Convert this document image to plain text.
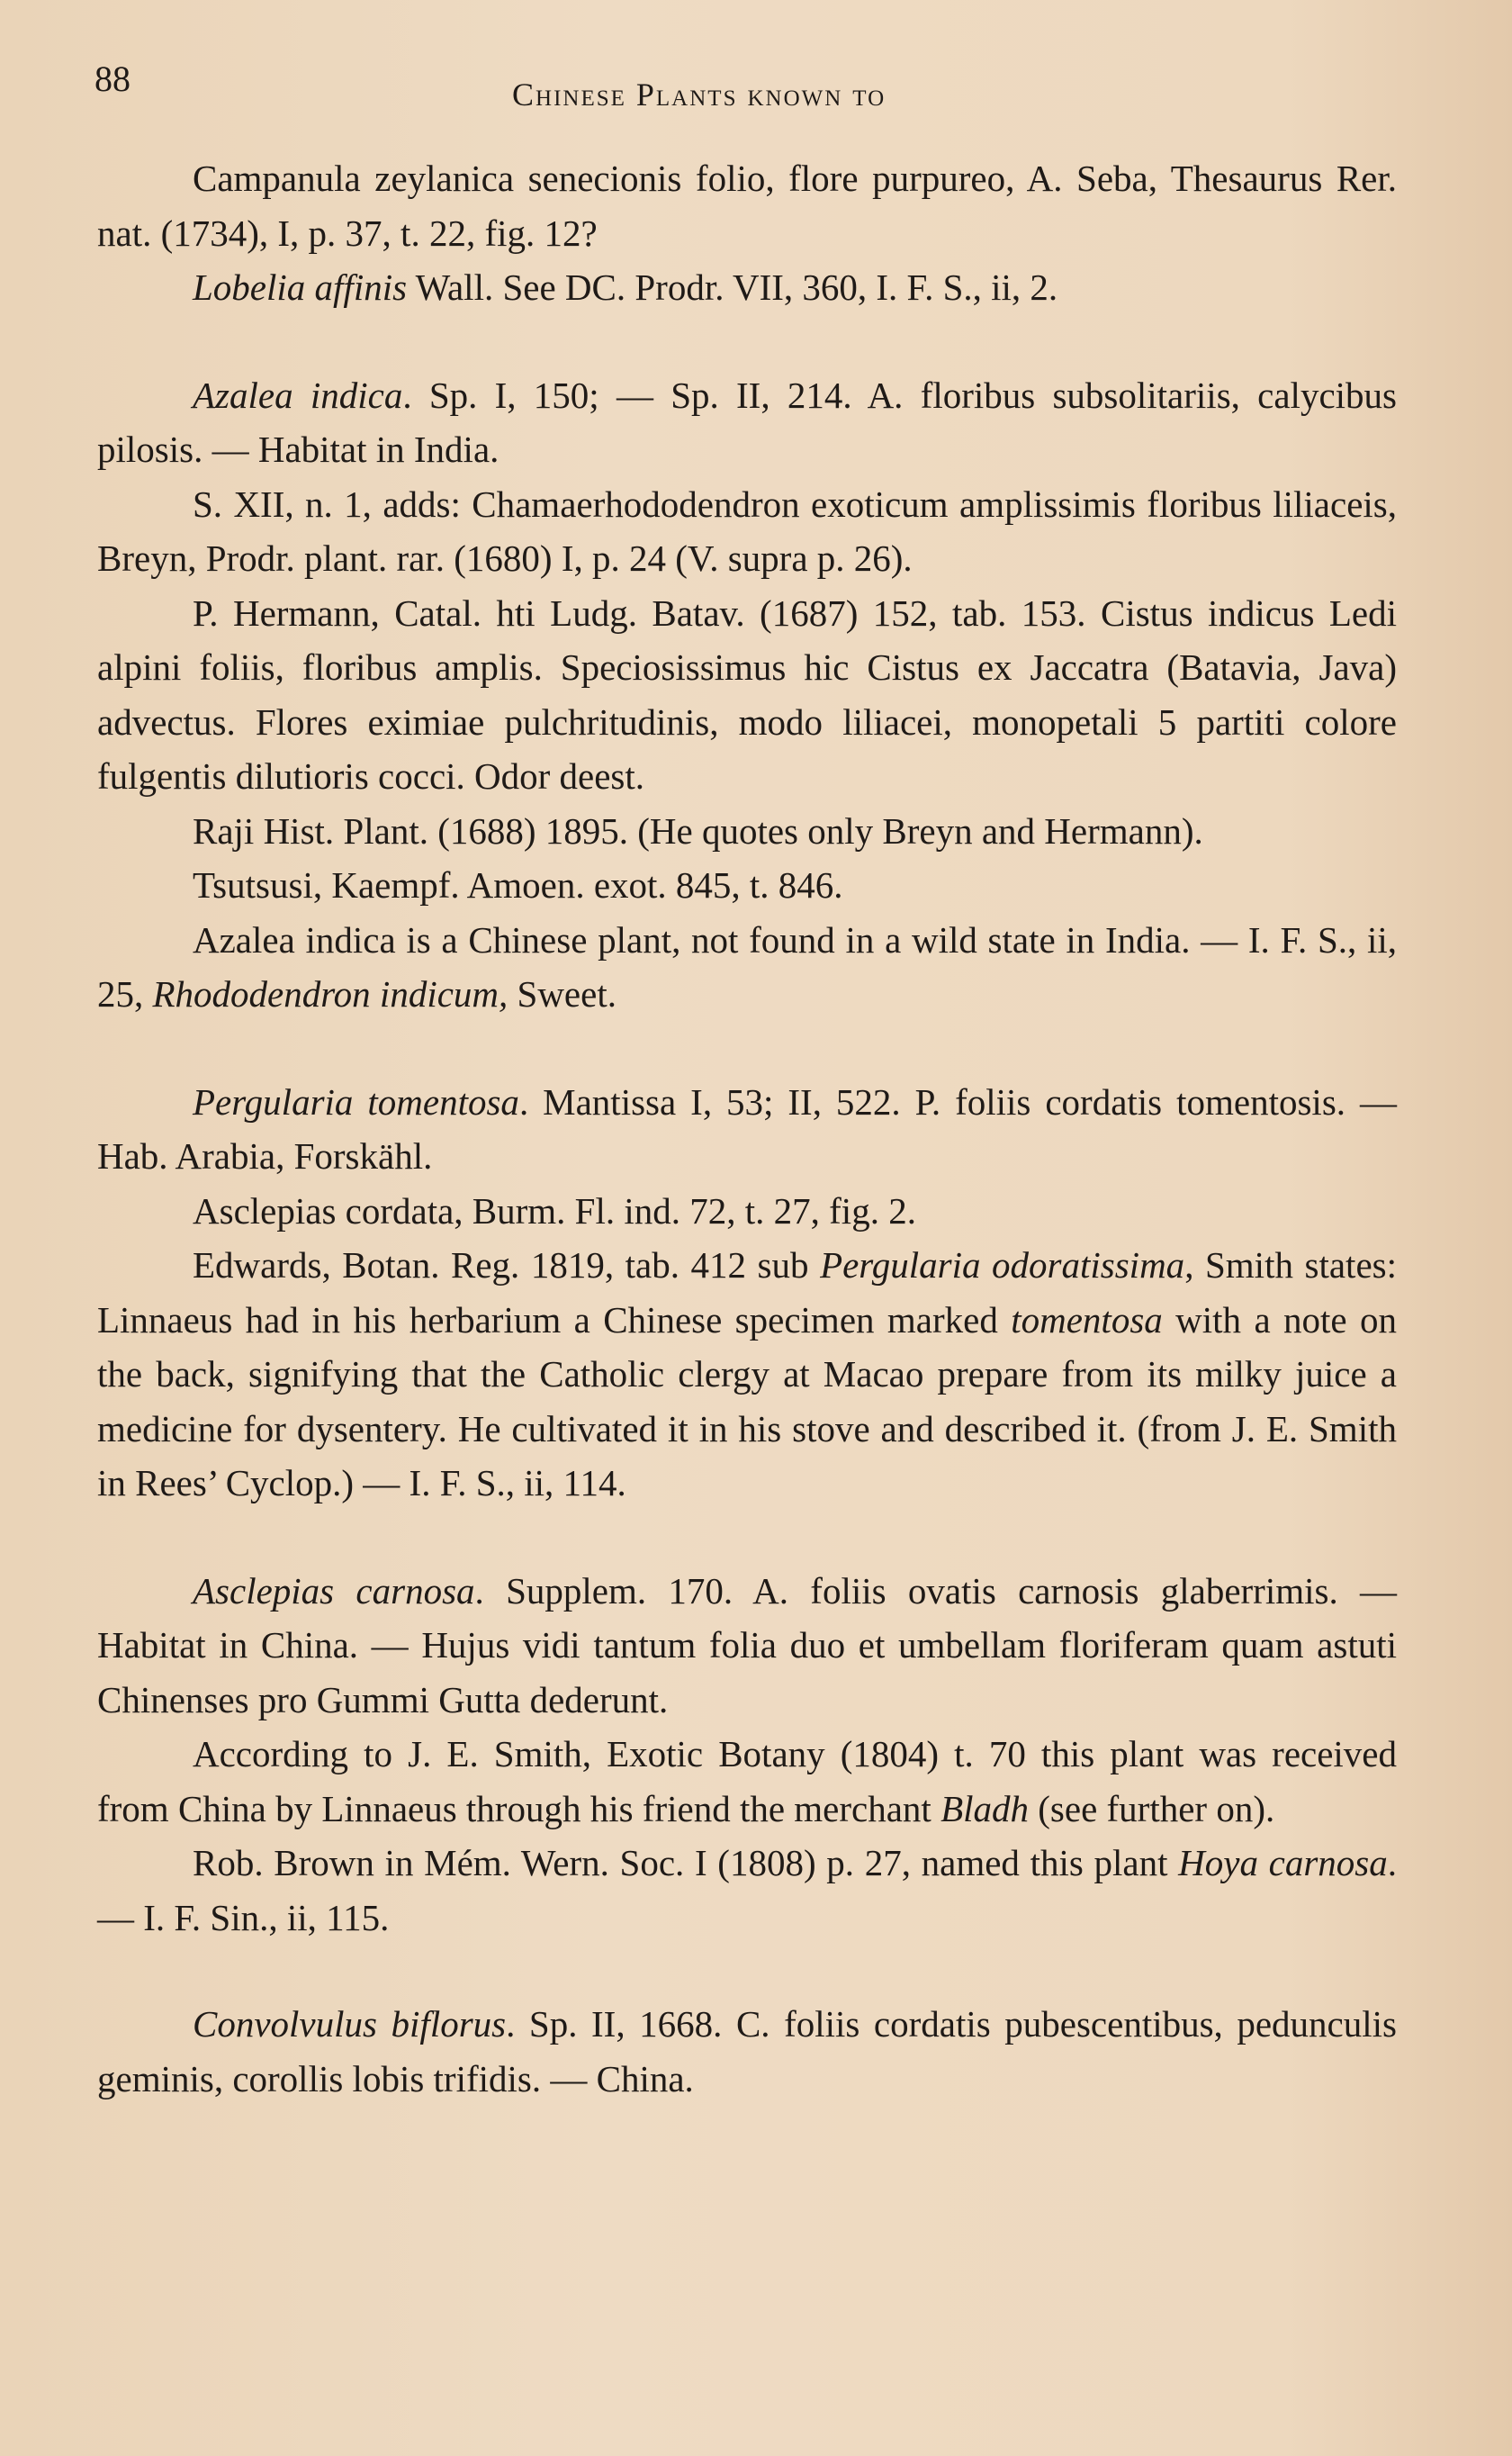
88	Chinese Plants known to

Campanula zeylanica senecionis folio, flore purpureo, A. Seba, Thesaurus Rer. nat. (1734), I, p. 37, t. 22, fig. 12?

Lobelia affinis Wall. See DC. Prodr. VII, 360, I. F. S., ii, 2.

Azalea indica. Sp. I, 150; — Sp. II, 214. A. floribus subsolitariis, calycibus pilosis. — Habitat in India.

S. XII, n. 1, adds: Chamaerhododendron exoticum amplissimis floribus liliaceis, Breyn, Prodr. plant. rar. (1680) I, p. 24 (V. supra p. 26).

P. Hermann, Catal. hti Ludg. Batav. (1687) 152, tab. 153. Cistus indicus Ledi alpini foliis, floribus amplis. Speciosissimus hic Cistus ex Jaccatra (Batavia, Java) advectus. Flores eximiae pulchritudinis, modo liliacei, monopetali 5 partiti colore fulgentis dilutioris cocci. Odor deest.

Raji Hist. Plant. (1688) 1895. (He quotes only Breyn and Hermann).

Tsutsusi, Kaempf. Amoen. exot. 845, t. 846.

Azalea indica is a Chinese plant, not found in a wild state in India. — I. F. S., ii, 25, Rhododendron indicum, Sweet.

Pergularia tomentosa. Mantissa I, 53; II, 522. P. foliis cordatis tomentosis. — Hab. Arabia, Forskähl.

Asclepias cordata, Burm. Fl. ind. 72, t. 27, fig. 2.

Edwards, Botan. Reg. 1819, tab. 412 sub Pergularia odoratissima, Smith states: Linnaeus had in his herbarium a Chinese specimen marked tomentosa with a note on the back, signifying that the Catholic clergy at Macao prepare from its milky juice a medicine for dysentery. He cultivated it in his stove and described it. (from J. E. Smith in Rees’ Cyclop.) — I. F. S., ii, 114.

Asclepias carnosa. Supplem. 170. A. foliis ovatis carnosis glaberrimis. — Habitat in China. — Hujus vidi tantum folia duo et umbellam floriferam quam astuti Chinenses pro Gummi Gutta dederunt.

According to J. E. Smith, Exotic Botany (1804) t. 70 this plant was received from China by Linnaeus through his friend the merchant Bladh (see further on).

Rob. Brown in Mém. Wern. Soc. I (1808) p. 27, named this plant Hoya carnosa. — I. F. Sin., ii, 115.

Convolvulus biflorus. Sp. II, 1668. C. foliis cordatis pubescentibus, pedunculis geminis, corollis lobis trifidis. — China.
